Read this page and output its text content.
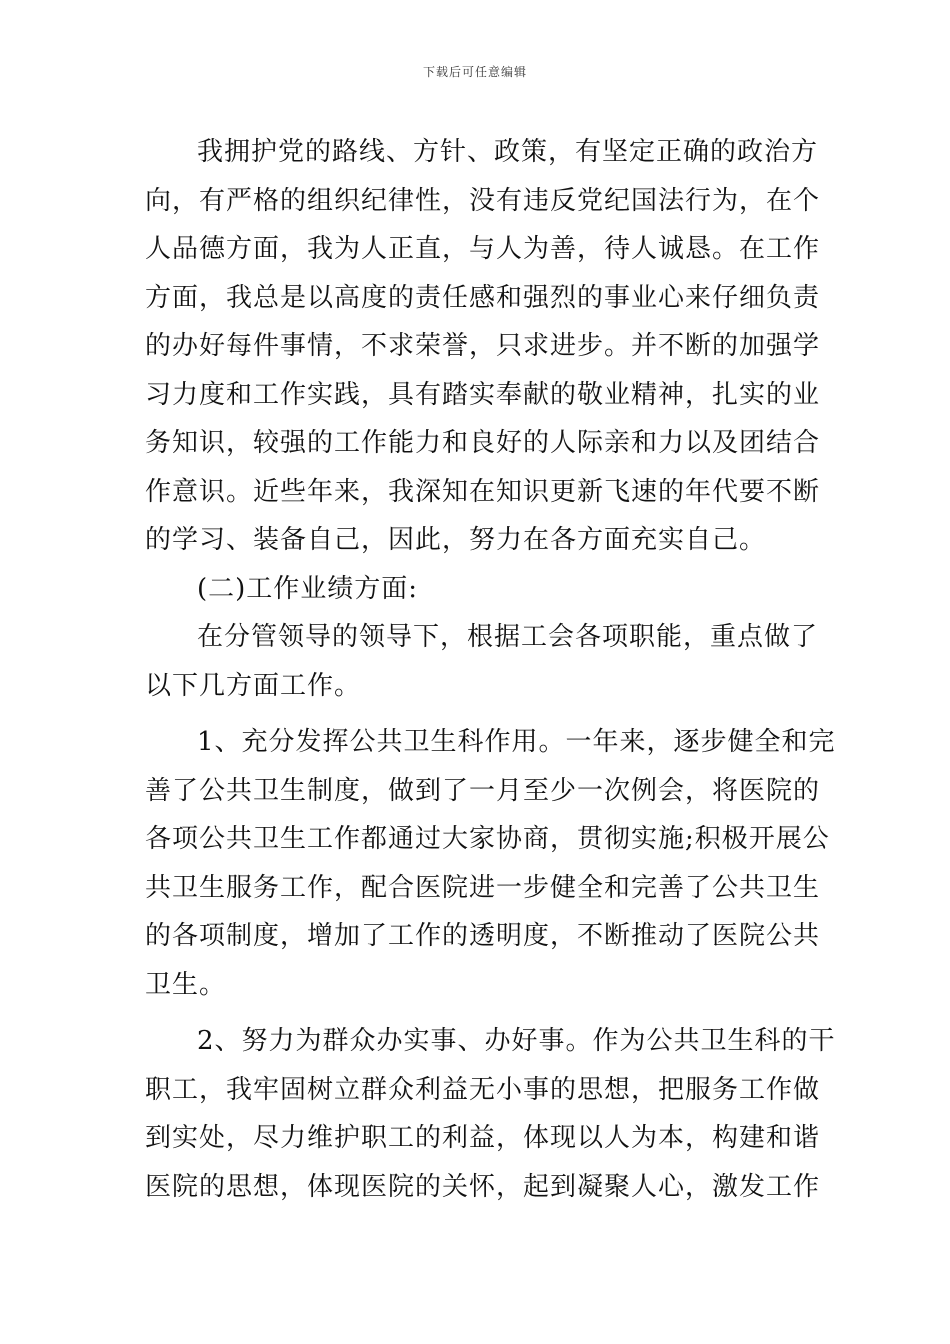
下载后可任意编辑
我拥护党的路线、方针、政策，有坚定正确的政治方
向，有严格的组织纪律性，没有违反党纪国法行为，在个
人品德方面，我为人正直，与人为善，待人诚恳。在工作
方面，我总是以高度的责任感和强烈的事业心来仔细负责
的办好每件事情，不求荣誉，只求进步。并不断的加强学
习力度和工作实践，具有踏实奉献的敬业精神，扎实的业
务知识，较强的工作能力和良好的人际亲和力以及团结合
作意识。近些年来，我深知在知识更新飞速的年代要不断
的学习、装备自己，因此，努力在各方面充实自己。
(二)工作业绩方面:
在分管领导的领导下，根据工会各项职能，重点做了
以下几方面工作。
1、充分发挥公共卫生科作用。一年来，逐步健全和完
善了公共卫生制度，做到了一月至少一次例会，将医院的
各项公共卫生工作都通过大家协商，贯彻实施;积极开展公
共卫生服务工作，配合医院进一步健全和完善了公共卫生
的各项制度，增加了工作的透明度，不断推动了医院公共
卫生。
2、努力为群众办实事、办好事。作为公共卫生科的干
职工，我牢固树立群众利益无小事的思想，把服务工作做
到实处，尽力维护职工的利益，体现以人为本，构建和谐
医院的思想，体现医院的关怀，起到凝聚人心，激发工作
